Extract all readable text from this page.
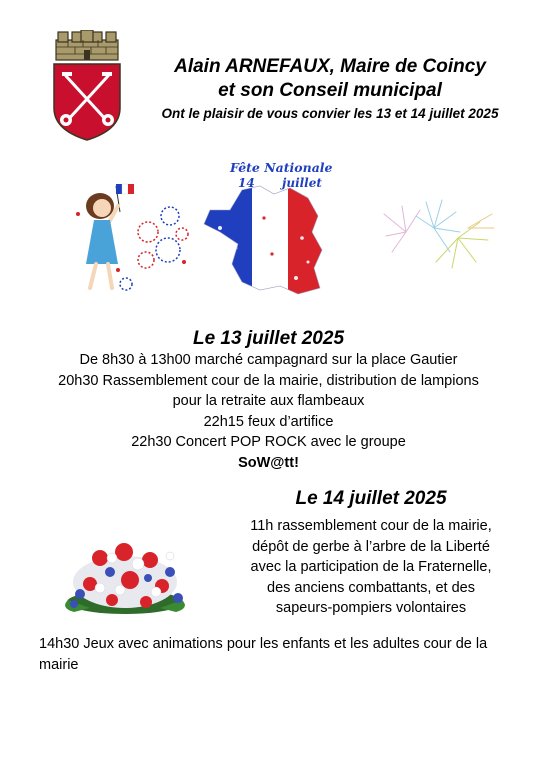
Alain ARNEFAUX, Maire de Coincy
et son Conseil municipal
Ont le plaisir de vous convier les 13 et 14 juillet 2025
Fête Nationale
14 juillet
Le 13 juillet 2025
De 8h30 à 13h00 marché campagnard sur la place Gautier
20h30 Rassemblement cour de la mairie, distribution de lampions
pour la retraite aux flambeaux
22h15 feux d’artifice
22h30 Concert POP ROCK avec le groupe
SoW@tt!
Le 14 juillet 2025
11h rassemblement cour de la mairie,
dépôt de gerbe à l’arbre de la Liberté
avec la participation de la Fraternelle,
des anciens combattants, et des
sapeurs-pompiers volontaires
14h30 Jeux avec animations pour les enfants et les adultes cour de la
mairie
